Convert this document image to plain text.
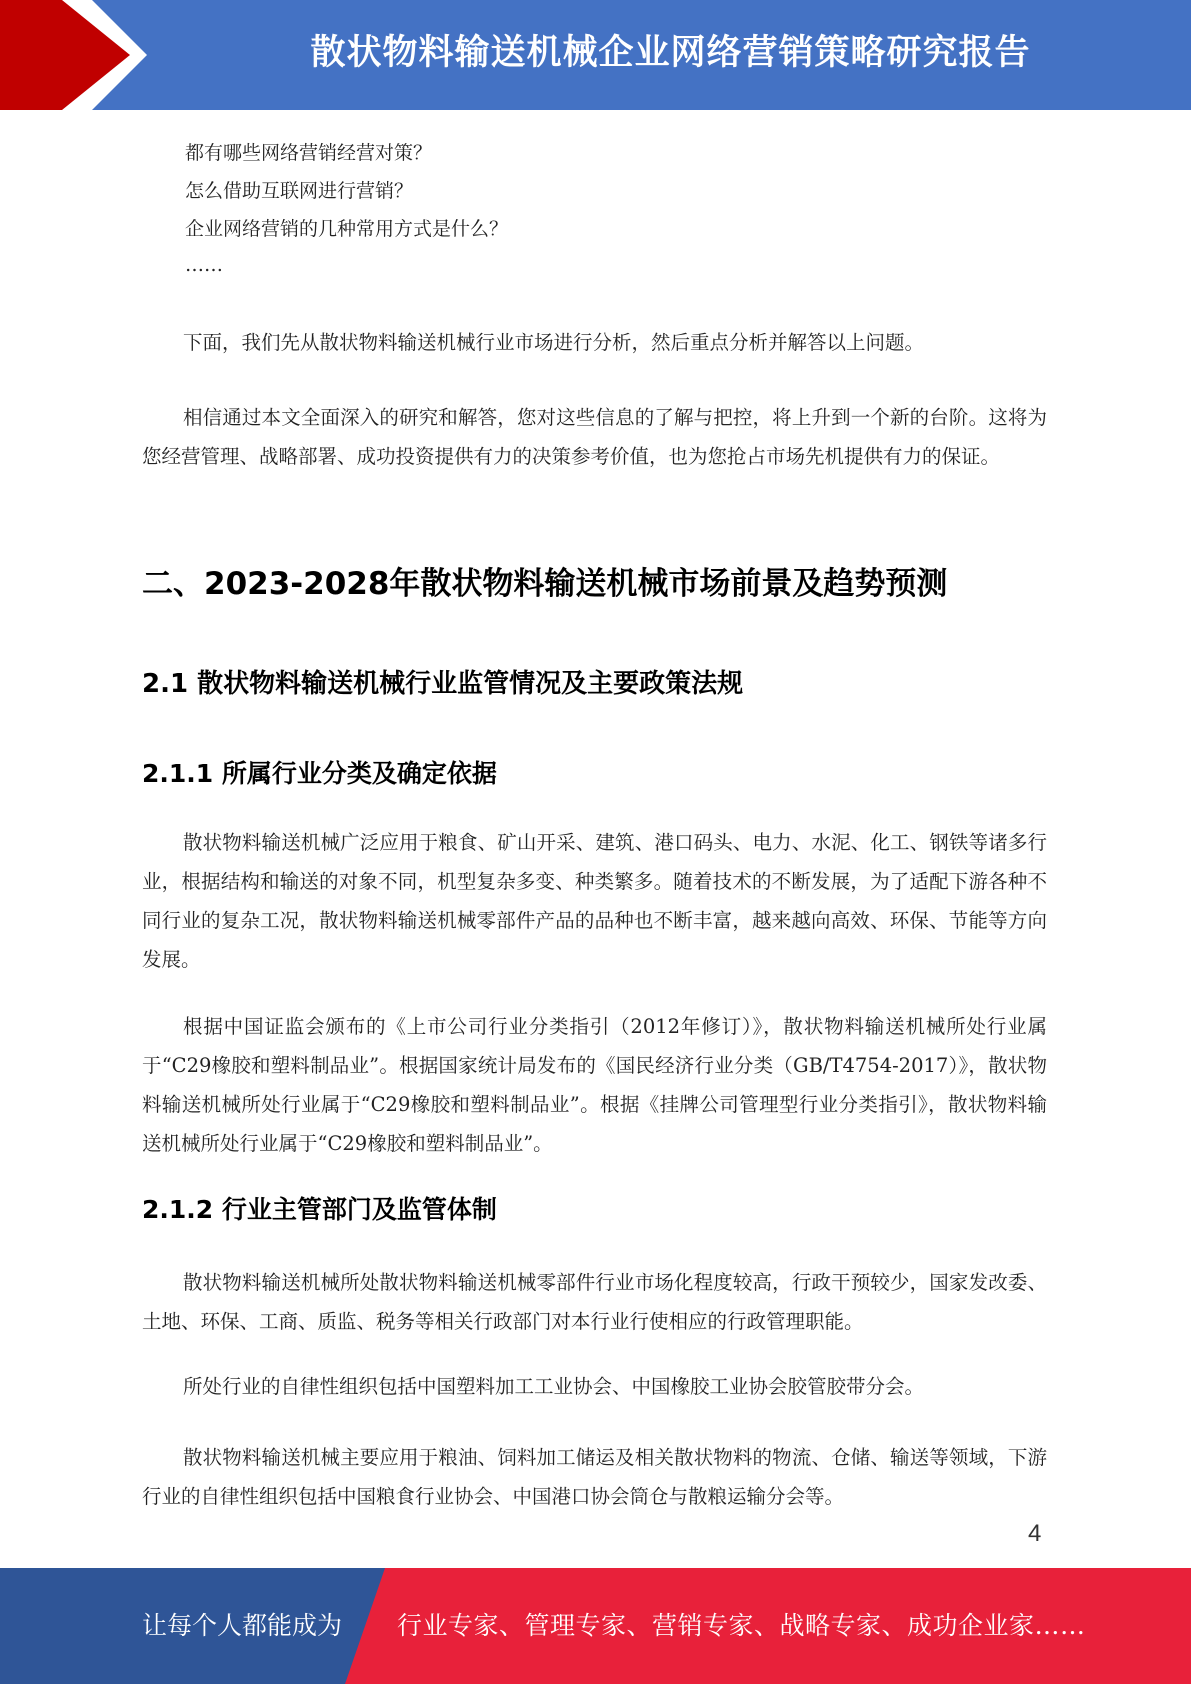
散状物料输送机械企业网络营销策略研究报告

都有哪些网络营销经营对策？

怎么借助互联网进行营销？

企业网络营销的几种常用方式是什么？

……

下面，我们先从散状物料输送机械行业市场进行分析，然后重点分析并解答以上问题。

相信通过本文全面深入的研究和解答，您对这些信息的了解与把控，将上升到一个新的台阶。这将为您经营管理、战略部署、成功投资提供有力的决策参考价值，也为您抢占市场先机提供有力的保证。

二、2023-2028年散状物料输送机械市场前景及趋势预测
2.1 散状物料输送机械行业监管情况及主要政策法规
2.1.1 所属行业分类及确定依据

散状物料输送机械广泛应用于粮食、矿山开采、建筑、港口码头、电力、水泥、化工、钢铁等诸多行业，根据结构和输送的对象不同，机型复杂多变、种类繁多。随着技术的不断发展，为了适配下游各种不同行业的复杂工况，散状物料输送机械零部件产品的品种也不断丰富，越来越向高效、环保、节能等方向发展。

根据中国证监会颁布的《上市公司行业分类指引（2012年修订）》，散状物料输送机械所处行业属于“C29橡胶和塑料制品业”。根据国家统计局发布的《国民经济行业分类（GB/T4754-2017）》，散状物料输送机械所处行业属于“C29橡胶和塑料制品业”。根据《挂牌公司管理型行业分类指引》，散状物料输送机械所处行业属于“C29橡胶和塑料制品业”。

2.1.2 行业主管部门及监管体制

散状物料输送机械所处散状物料输送机械零部件行业市场化程度较高，行政干预较少，国家发改委、土地、环保、工商、质监、税务等相关行政部门对本行业行使相应的行政管理职能。

所处行业的自律性组织包括中国塑料加工工业协会、中国橡胶工业协会胶管胶带分会。

散状物料输送机械主要应用于粮油、饲料加工储运及相关散状物料的物流、仓储、输送等领域，下游行业的自律性组织包括中国粮食行业协会、中国港口协会筒仓与散粮运输分会等。

4
让每个人都能成为 行业专家、管理专家、营销专家、战略专家、成功企业家……
